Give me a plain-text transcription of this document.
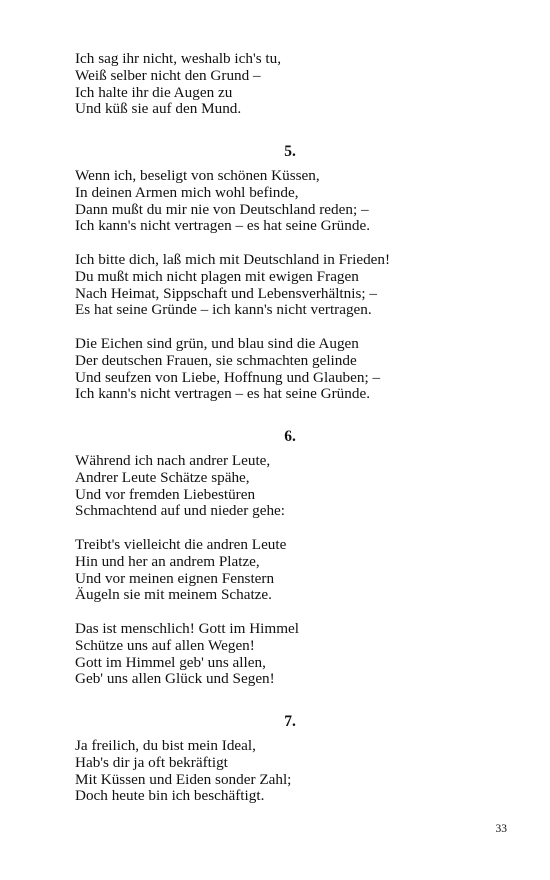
Ich sag ihr nicht, weshalb ich's tu,
Weiß selber nicht den Grund –
Ich halte ihr die Augen zu
Und küß sie auf den Mund.
5.
Wenn ich, beseligt von schönen Küssen,
In deinen Armen mich wohl befinde,
Dann mußt du mir nie von Deutschland reden; –
Ich kann's nicht vertragen – es hat seine Gründe.
Ich bitte dich, laß mich mit Deutschland in Frieden!
Du mußt mich nicht plagen mit ewigen Fragen
Nach Heimat, Sippschaft und Lebensverhältnis; –
Es hat seine Gründe – ich kann's nicht vertragen.
Die Eichen sind grün, und blau sind die Augen
Der deutschen Frauen, sie schmachten gelinde
Und seufzen von Liebe, Hoffnung und Glauben; –
Ich kann's nicht vertragen – es hat seine Gründe.
6.
Während ich nach andrer Leute,
Andrer Leute Schätze spähe,
Und vor fremden Liebestüren
Schmachtend auf und nieder gehe:
Treibt's vielleicht die andren Leute
Hin und her an andrem Platze,
Und vor meinen eignen Fenstern
Äugeln sie mit meinem Schatze.
Das ist menschlich! Gott im Himmel
Schütze uns auf allen Wegen!
Gott im Himmel geb' uns allen,
Geb' uns allen Glück und Segen!
7.
Ja freilich, du bist mein Ideal,
Hab's dir ja oft bekräftigt
Mit Küssen und Eiden sonder Zahl;
Doch heute bin ich beschäftigt.
33
